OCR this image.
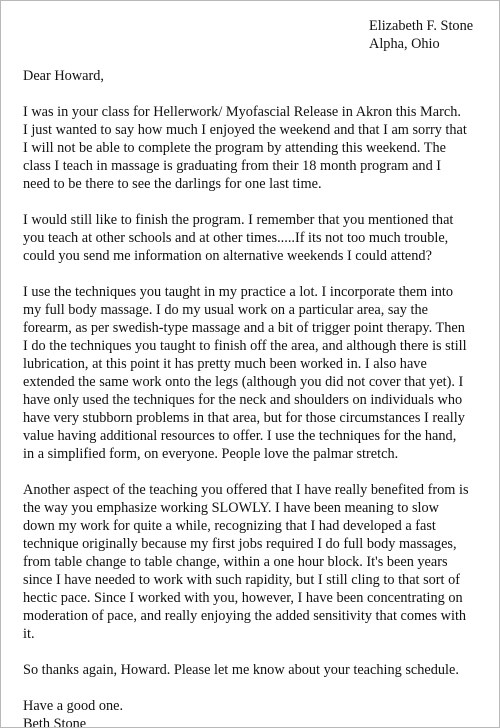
Elizabeth F. Stone
Alpha, Ohio
Dear Howard,
I was in your class for Hellerwork/ Myofascial Release in Akron this March.
I just wanted to say how much I enjoyed the weekend and that I am sorry that
I will not be able to complete the program by attending this weekend. The
class I teach in massage is graduating from their 18 month program and I
need to be there to see the darlings for one last time.
I would still like to finish the program. I remember that you mentioned that
you teach at other schools and at other times.....If its not too much trouble,
could you send me information on alternative weekends I could attend?
I use the techniques you taught in my practice a lot. I incorporate them into
my full body massage. I do my usual work on a particular area, say the
forearm, as per swedish-type massage and a bit of trigger point therapy. Then
I do the techniques you taught to finish off the area, and although there is still
lubrication, at this point it has pretty much been worked in. I also have
extended the same work onto the legs (although you did not cover that yet). I
have only used the techniques for the neck and shoulders on individuals who
have very stubborn problems in that area, but for those circumstances I really
value having additional resources to offer. I use the techniques for the hand,
in a simplified form, on everyone. People love the palmar stretch.
Another aspect of the teaching you offered that I have really benefited from is
the way you emphasize working SLOWLY. I have been meaning to slow
down my work for quite a while, recognizing that I had developed a fast
technique originally because my first jobs required I do full body massages,
from table change to table change, within a one hour block. It's been years
since I have needed to work with such rapidity, but I still cling to that sort of
hectic pace. Since I worked with you, however, I have been concentrating on
moderation of pace, and really enjoying the added sensitivity that comes with
it.
So thanks again, Howard. Please let me know about your teaching schedule.
Have a good one.
Beth Stone
